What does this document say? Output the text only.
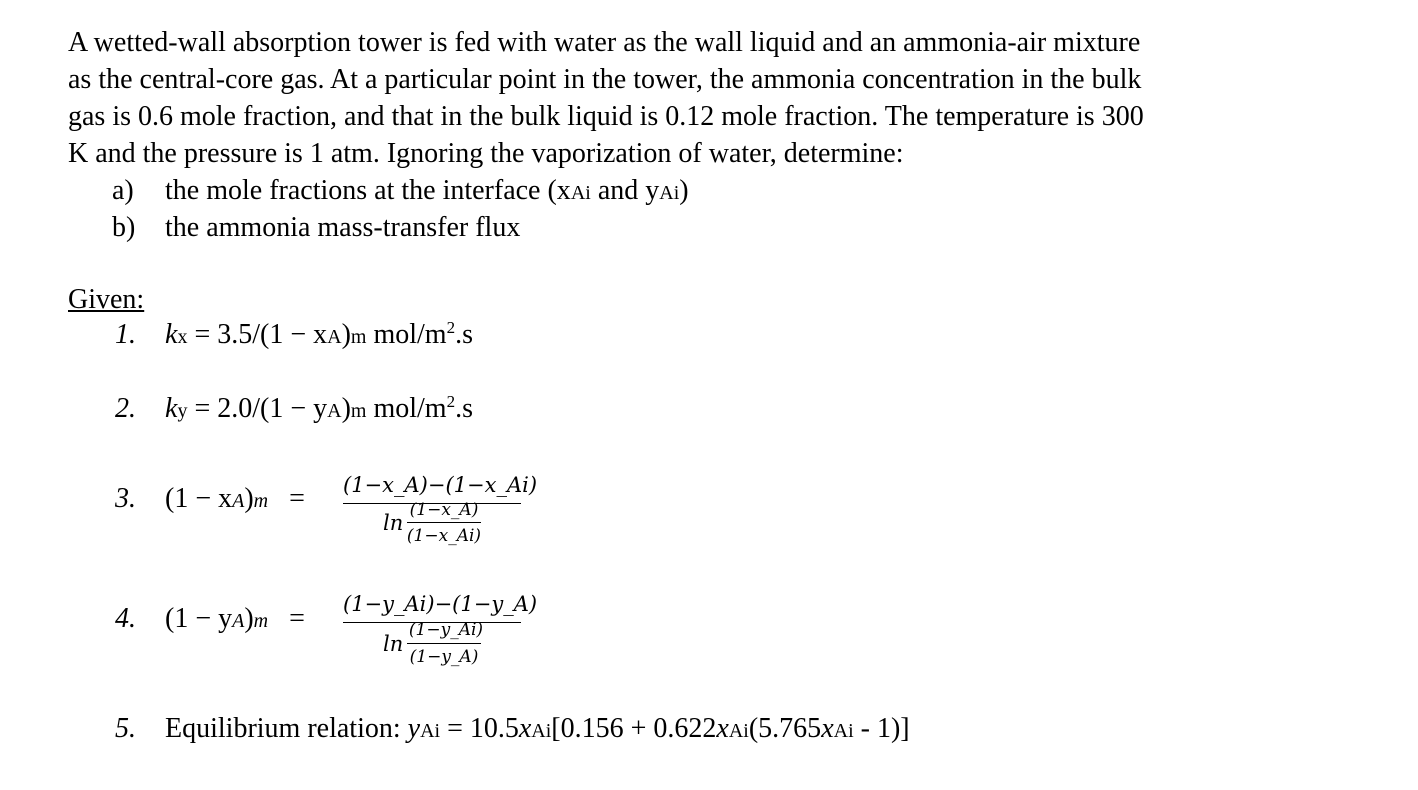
A wetted-wall absorption tower is fed with water as the wall liquid and an ammonia-air mixture

as the central-core gas. At a particular point in the tower, the ammonia concentration in the bulk

gas is 0.6 mole fraction, and that in the bulk liquid is 0.12 mole fraction. The temperature is 300

K and the pressure is 1 atm. Ignoring the vaporization of water, determine:

a) the mole fractions at the interface (xAi and yAi)
b) the ammonia mass-transfer flux
Given:
1. kx = 3.5/(1 − xA)m mol/$m^2.s$
2. ky = 2.0/(1 − yA)m mol/$m^2.s$
3. (1 − xA)m = (1−x_A)−(1−x_Ai)
ln
(1−x_A)
(1−x_Ai)
4. (1 − yA)m = (1−y_Ai)−(1−y_A)
ln
(1−y_Ai)
(1−y_A)
5. Equilibrium relation: yAi = 10.5xAi[0.156 + 0.622xAi(5.765xAi - 1)]
